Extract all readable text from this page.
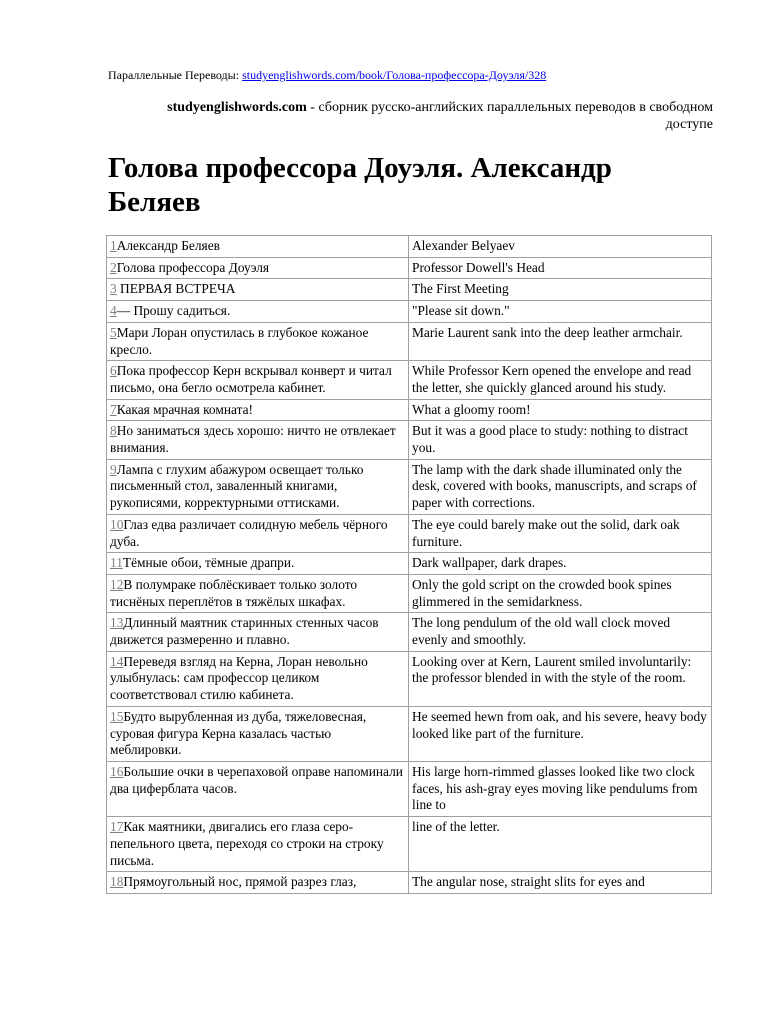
Параллельные Переводы: studyenglishwords.com/book/Голова-профессора-Доуэля/328
studyenglishwords.com - сборник русско-английских параллельных переводов в свободном доступе
Голова профессора Доуэля. Александр Беляев
1Александр Беляев	Alexander Belyaev
2Голова профессора Доуэля	Professor Dowell's Head
3 ПЕРВАЯ ВСТРЕЧА	The First Meeting
4— Прошу садиться.	"Please sit down."
5Мари Лоран опустилась в глубокое кожаное кресло.	Marie Laurent sank into the deep leather armchair.
6Пока профессор Керн вскрывал конверт и читал письмо, она бегло осмотрела кабинет.	While Professor Kern opened the envelope and read the letter, she quickly glanced around his study.
7Какая мрачная комната!	What a gloomy room!
8Но заниматься здесь хорошо: ничто не отвлекает внимания.	But it was a good place to study: nothing to distract you.
9Лампа с глухим абажуром освещает только письменный стол, заваленный книгами, рукописями, корректурными оттисками.	The lamp with the dark shade illuminated only the desk, covered with books, manuscripts, and scraps of paper with corrections.
10Глаз едва различает солидную мебель чёрного дуба.	The eye could barely make out the solid, dark oak furniture.
11Тёмные обои, тёмные драпри.	Dark wallpaper, dark drapes.
12В полумраке поблёскивает только золото тиснёных переплётов в тяжёлых шкафах.	Only the gold script on the crowded book spines glimmered in the semidarkness.
13Длинный маятник старинных стенных часов движется размеренно и плавно.	The long pendulum of the old wall clock moved evenly and smoothly.
14Переведя взгляд на Керна, Лоран невольно улыбнулась: сам профессор целиком соответствовал стилю кабинета.	Looking over at Kern, Laurent smiled involuntarily: the professor blended in with the style of the room.
15Будто вырубленная из дуба, тяжеловесная, суровая фигура Керна казалась частью меблировки.	He seemed hewn from oak, and his severe, heavy body looked like part of the furniture.
16Большие очки в черепаховой оправе напоминали два циферблата часов.	His large horn-rimmed glasses looked like two clock faces, his ash-gray eyes moving like pendulums from line to
17Как маятники, двигались его глаза серо-пепельного цвета, переходя со строки на строку письма.	line of the letter.
18Прямоугольный нос, прямой разрез глаз,	The angular nose, straight slits for eyes and
